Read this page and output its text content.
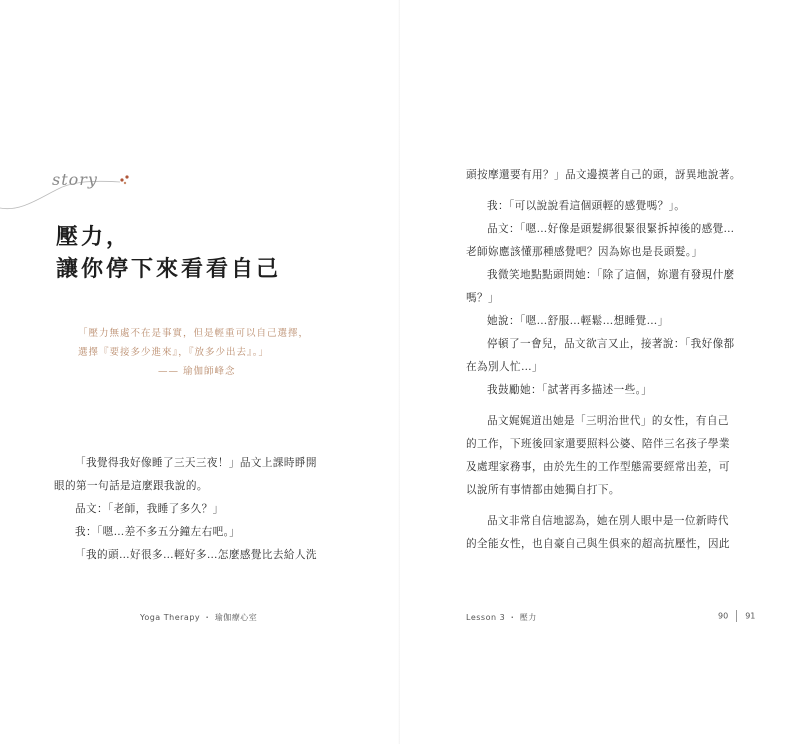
story
壓力，
讓你停下來看看自己
「壓力無處不在是事實，但是輕重可以自己選擇，
選擇『要接多少進來』，『放多少出去』。」
—— 瑜伽師峰念

「我覺得我好像睡了三天三夜！」品文上課時睜開

眼的第一句話是這麼跟我說的。

品文：「老師，我睡了多久？」

我：「嗯…差不多五分鐘左右吧。」

「我的頭…好很多…輕好多…怎麼感覺比去給人洗

Yoga Therapy ・ 瑜伽療心室

頭按摩還要有用？」品文邊摸著自己的頭，訝異地說著。

我：「可以說說看這個頭輕的感覺嗎？」。

品文：「嗯…好像是頭髮綁很緊很緊拆掉後的感覺…

老師妳應該懂那種感覺吧？因為妳也是長頭髮。」

我微笑地點點頭問她：「除了這個，妳還有發現什麼

嗎？」

她說：「嗯…舒服…輕鬆…想睡覺…」

停頓了一會兒，品文欲言又止，接著說：「我好像都

在為別人忙…」

我鼓勵她：「試著再多描述一些。」

品文娓娓道出她是「三明治世代」的女性，有自己

的工作，下班後回家還要照料公婆、陪伴三名孩子學業

及處理家務事，由於先生的工作型態需要經常出差，可

以說所有事情都由她獨自打下。

品文非常自信地認為，她在別人眼中是一位新時代

的全能女性，也自豪自己與生俱來的超高抗壓性，因此

Lesson 3 ・ 壓力	90 91
